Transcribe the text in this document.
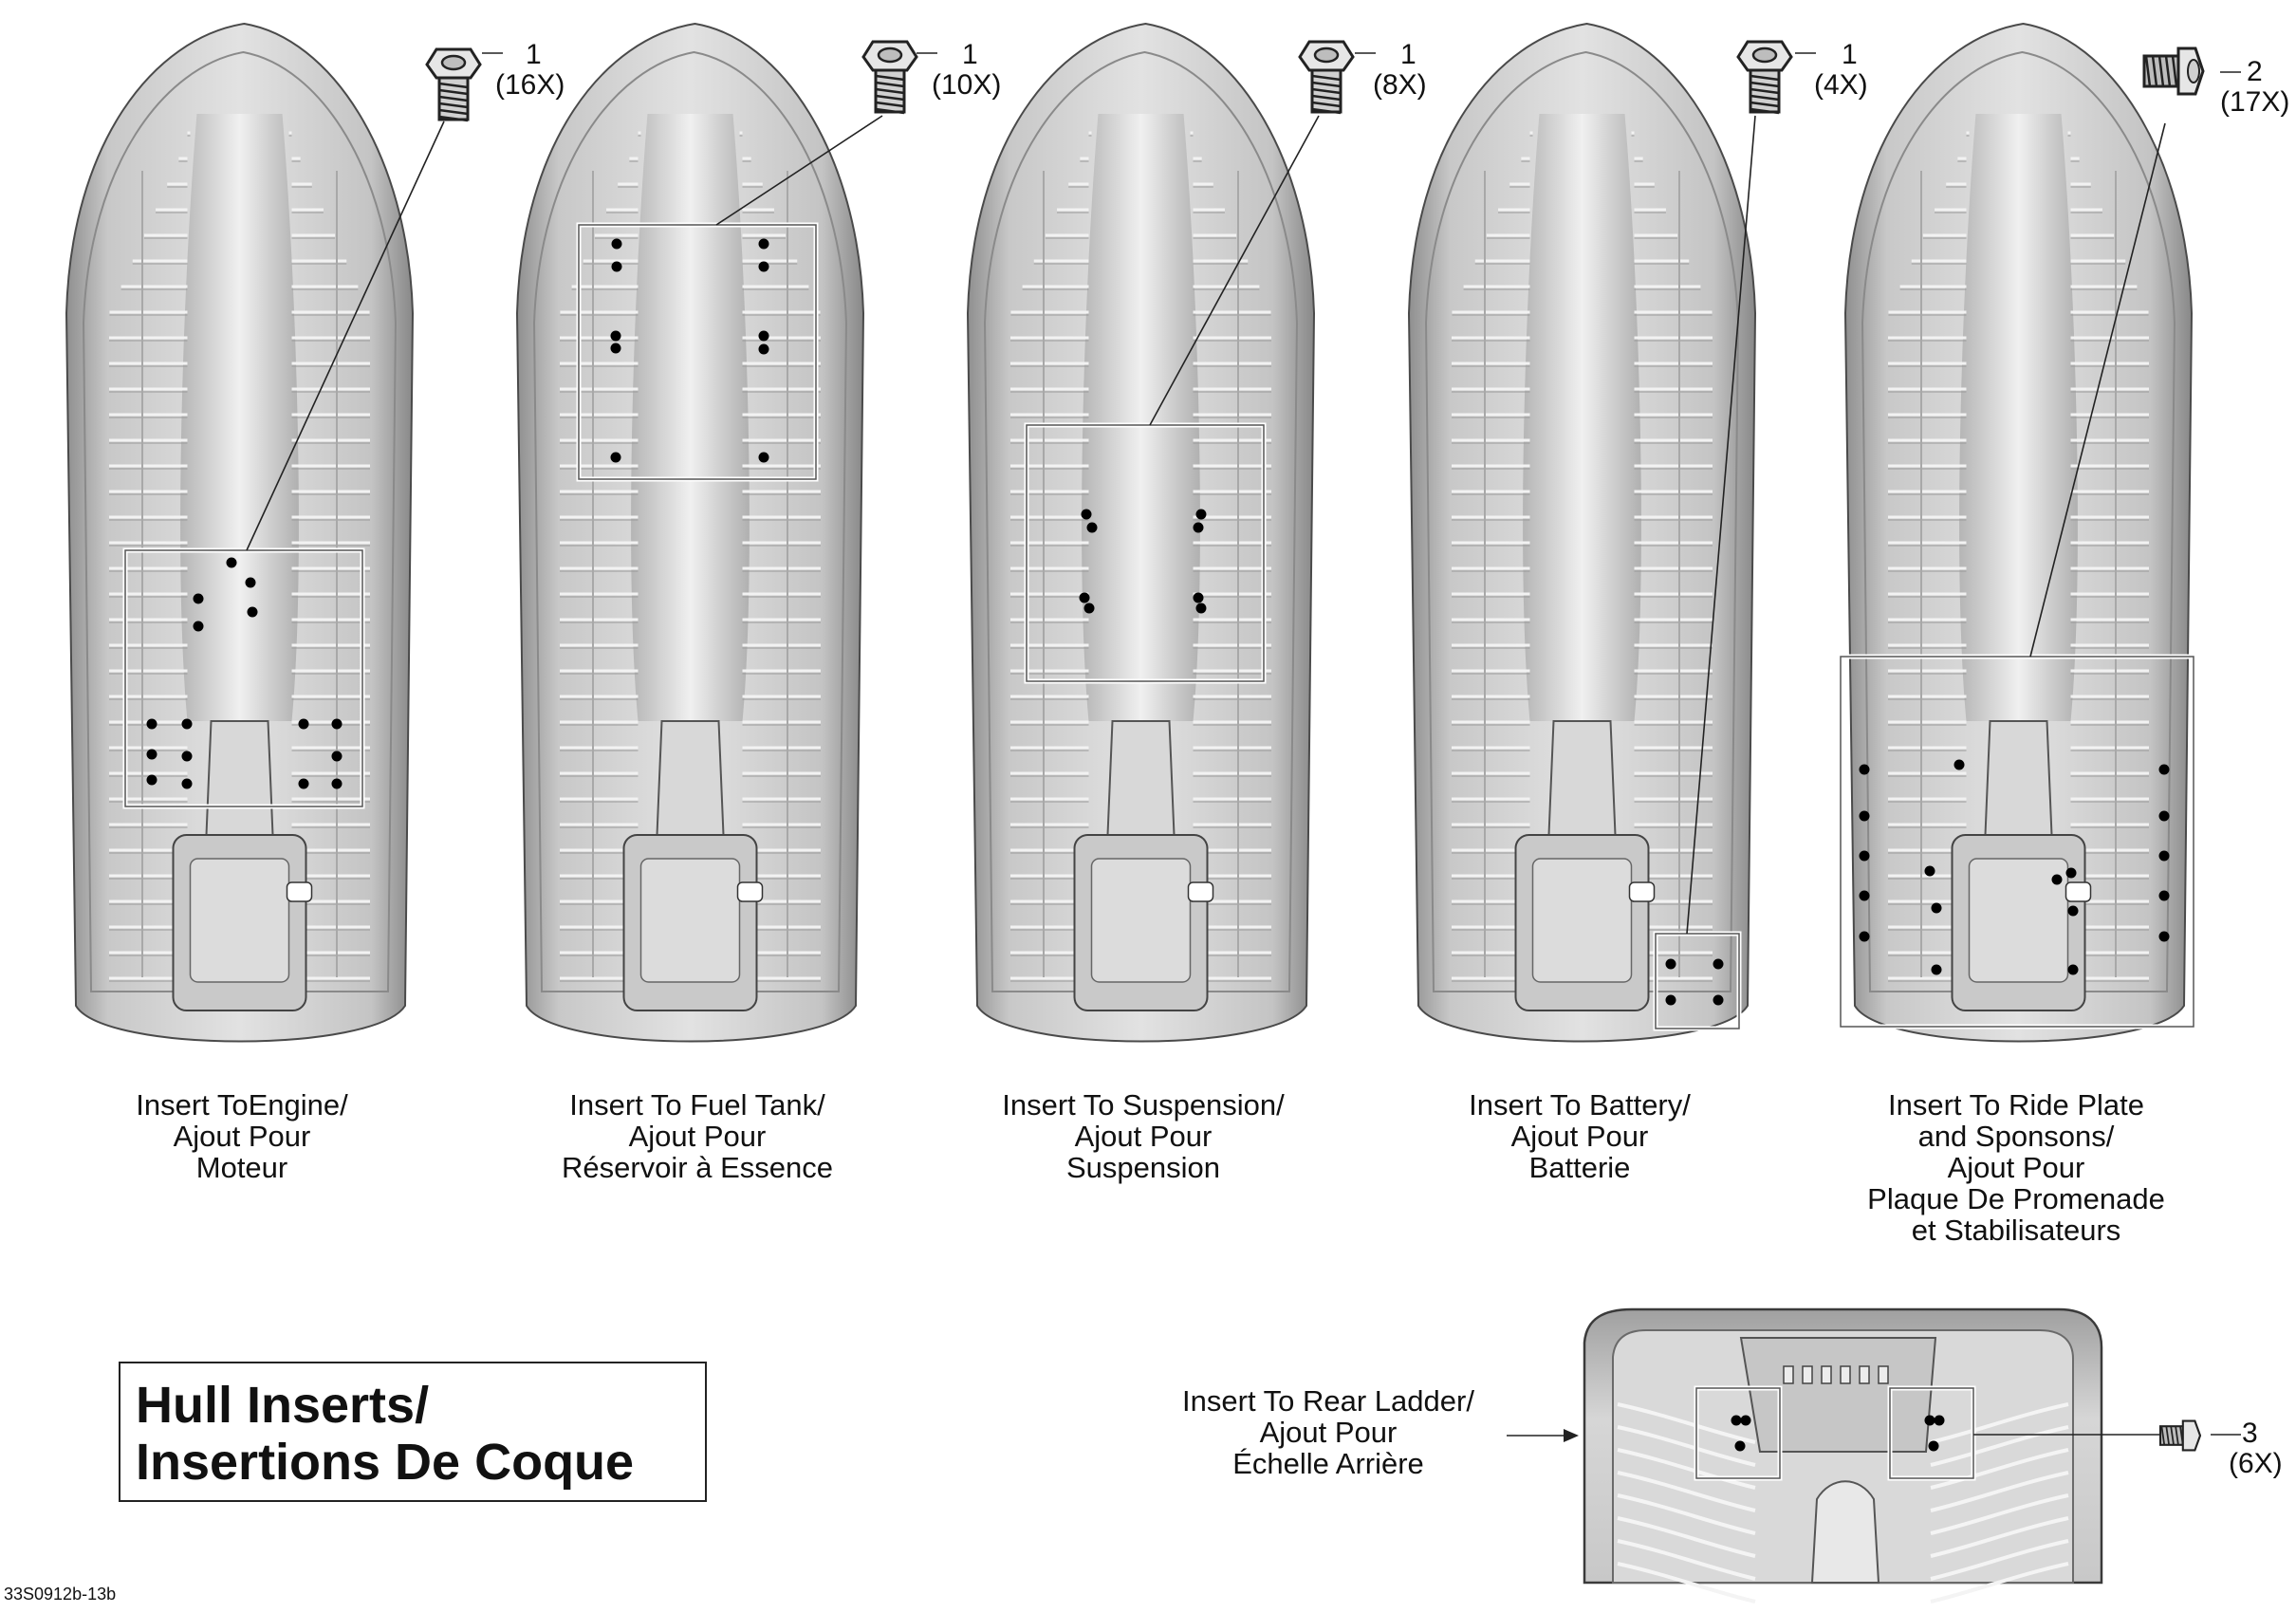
Insert ToEngine/
Ajout Pour
Moteur
Insert To Fuel Tank/
Ajout Pour
Réservoir à Essence
Insert To Suspension/
Ajout Pour
Suspension
Insert To Battery/
Ajout Pour
Batterie
Insert To Ride Plate
and Sponsons/
Ajout Pour
Plaque De Promenade
et Stabilisateurs
Insert To Rear Ladder/
Ajout Pour
Échelle Arrière
1
(16X)
1
(10X)
1
(8X)
1
(4X)	2
(17X)
3
(6X)
Hull Inserts/
Insertions De Coque
33S0912b-13b
